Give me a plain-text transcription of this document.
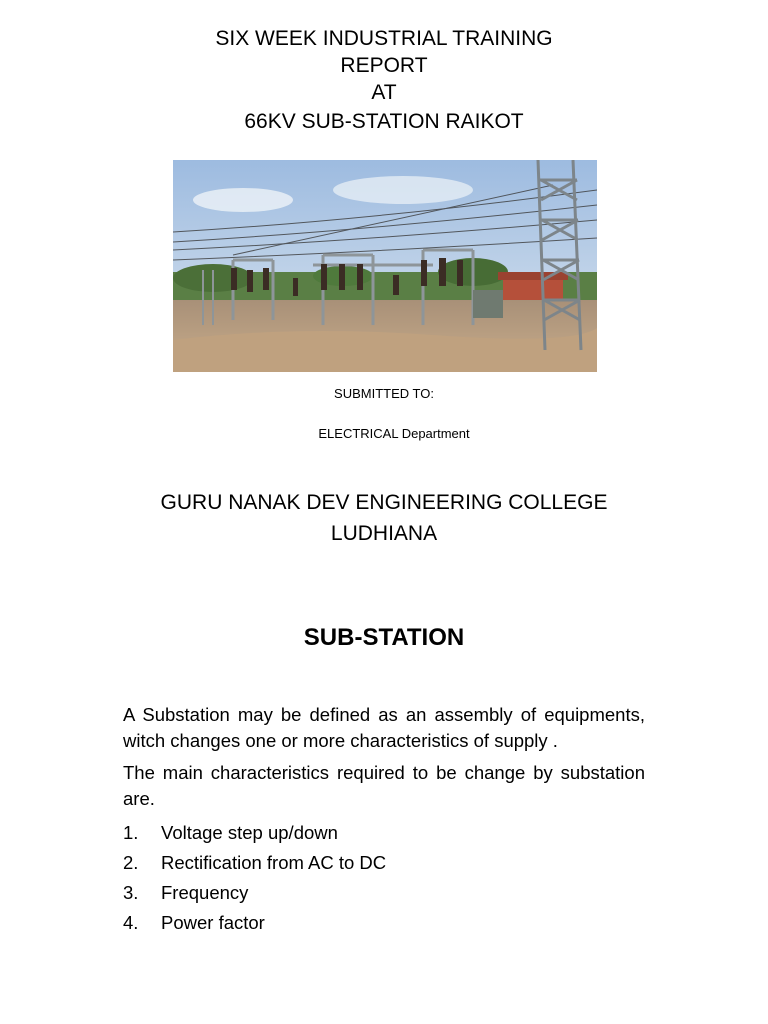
SIX WEEK INDUSTRIAL TRAINING
REPORT
AT
66KV SUB-STATION RAIKOT
SUBMITTED TO:
ELECTRICAL Department
GURU NANAK DEV ENGINEERING COLLEGE
LUDHIANA
SUB-STATION

A Substation may be defined as an assembly of equipments, witch changes one or more characteristics of supply .

The main characteristics required to be change by substation are.

1.	Voltage step up/down
2.	Rectification from AC to DC
3.	Frequency
4.	Power factor
